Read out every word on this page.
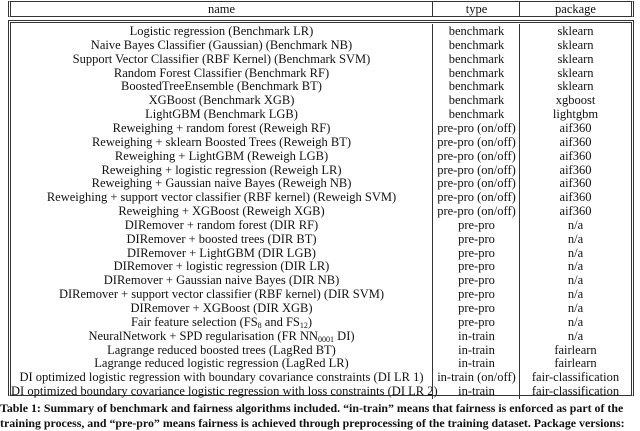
name	type	package
Logistic regression (Benchmark LR)	benchmark	sklearn
Naive Bayes Classifier (Gaussian) (Benchmark NB)	benchmark	sklearn
Support Vector Classifier (RBF Kernel) (Benchmark SVM)	benchmark	sklearn
Random Forest Classifier (Benchmark RF)	benchmark	sklearn
BoostedTreeEnsemble (Benchmark BT)	benchmark	sklearn
XGBoost (Benchmark XGB)	benchmark	xgboost
LightGBM (Benchmark LGB)	benchmark	lightgbm
Reweighing + random forest (Reweigh RF)	pre-pro (on/off)	aif360
Reweighing + sklearn Boosted Trees (Reweigh BT)	pre-pro (on/off)	aif360
Reweighing + LightGBM (Reweigh LGB)	pre-pro (on/off)	aif360
Reweighing + logistic regression (Reweigh LR)	pre-pro (on/off)	aif360
Reweighing + Gaussian naive Bayes (Reweigh NB)	pre-pro (on/off)	aif360
Reweighing + support vector classifier (RBF kernel) (Reweigh SVM)	pre-pro (on/off)	aif360
Reweighing + XGBoost (Reweigh XGB)	pre-pro (on/off)	aif360
DIRemover + random forest (DIR RF)	pre-pro	n/a
DIRemover + boosted trees (DIR BT)	pre-pro	n/a
DIRemover + LightGBM (DIR LGB)	pre-pro	n/a
DIRemover + logistic regression (DIR LR)	pre-pro	n/a
DIRemover + Gaussian naive Bayes (DIR NB)	pre-pro	n/a
DIRemover + support vector classifier (RBF kernel) (DIR SVM)	pre-pro	n/a
DIRemover + XGBoost (DIR XGB)	pre-pro	n/a
Fair feature selection ($FS_8$ and $FS_{12}$)	pre-pro	n/a
NeuralNetwork + SPD regularisation (FR $NN_{0001}$ DI)	in-train	n/a
Lagrange reduced boosted trees (LagRed BT)	in-train	fairlearn
Lagrange reduced logistic regression (LagRed LR)	in-train	fairlearn
DI optimized logistic regression with boundary covariance constraints (DI LR 1)	in-train (on/off)	fair-classification
DI optimized boundary covariance logistic regression with loss constraints (DI LR 2)	in-train	fair-classification
Table 1: Summary of benchmark and fairness algorithms included. “in-train” means that fairness is enforced as part of the
training process, and “pre-pro” means fairness is achieved through preprocessing of the training dataset. Package versions:
